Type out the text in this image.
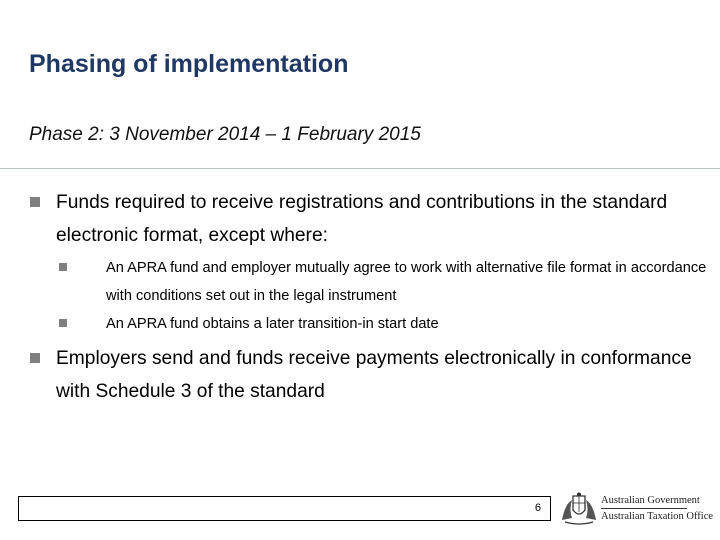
Phasing of implementation
Phase 2: 3 November 2014 – 1 February 2015
Funds required to receive registrations and contributions in the standard electronic format, except where:
An APRA fund and employer mutually agree to work with alternative file format in accordance with conditions set out in the legal instrument
An APRA fund obtains a later transition-in start date
Employers send and funds receive payments electronically in conformance with Schedule 3 of the standard
6
Australian Government
Australian Taxation Office
